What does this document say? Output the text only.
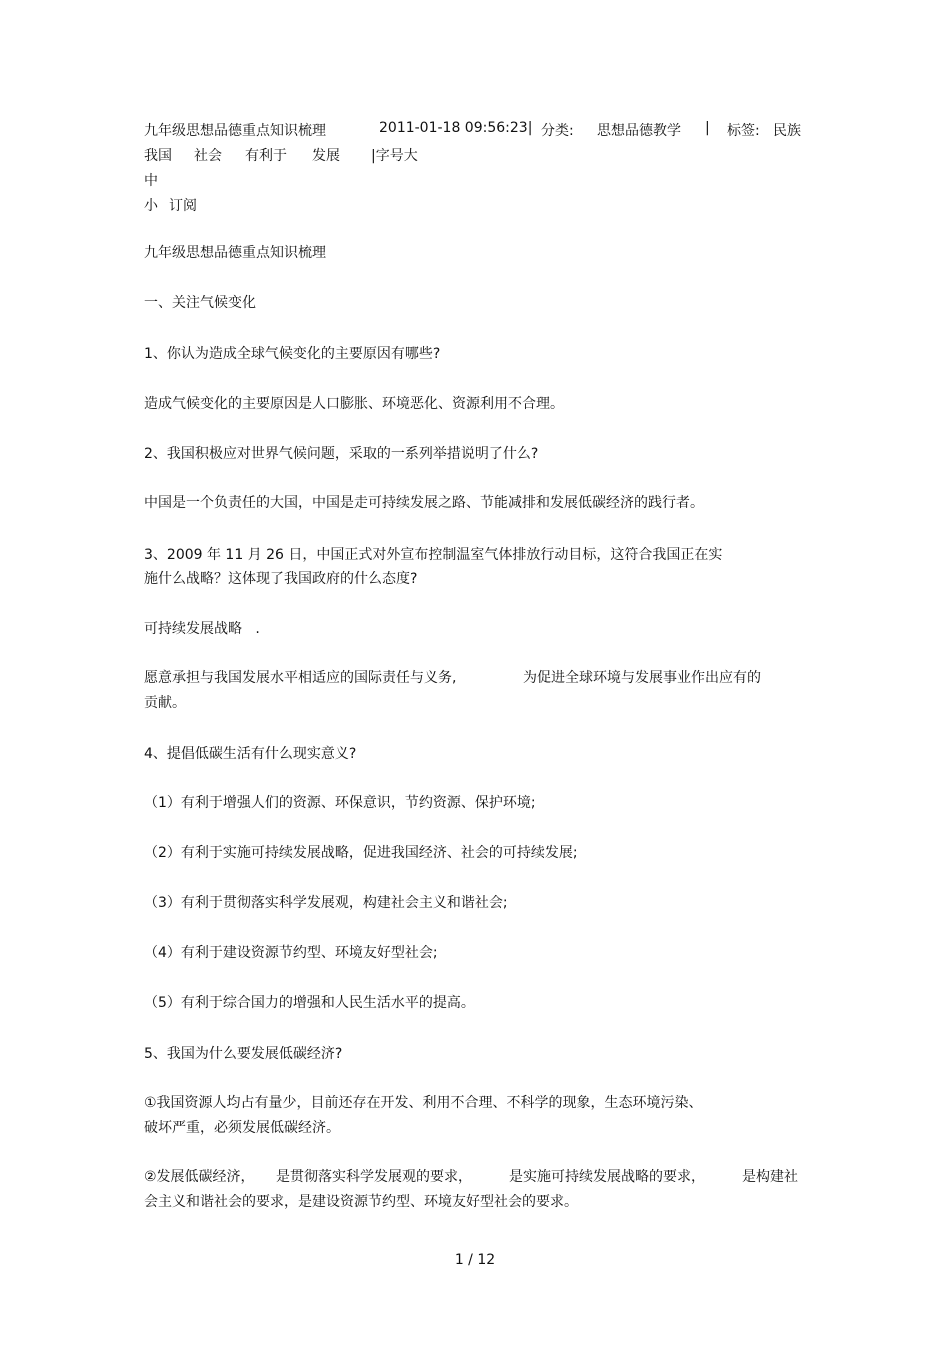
九年级思想品德重点知识梳理	2011-01-18 09:56:23| 分类: 思想品德教学 | 标签: 民族
我国 社会 有利于 发展 |字号大
中
小 订阅
九年级思想品德重点知识梳理
一、关注气候变化
1、你认为造成全球气候变化的主要原因有哪些?
造成气候变化的主要原因是人口膨胀、环境恶化、资源利用不合理。
2、我国积极应对世界气候问题，采取的一系列举措说明了什么?
中国是一个负责任的大国，中国是走可持续发展之路、节能减排和发展低碳经济的践行者。
3、2009 年 11 月 26 日，中国正式对外宣布控制温室气体排放行动目标，这符合我国正在实
施什么战略？这体现了我国政府的什么态度?
可持续发展战略   .
愿意承担与我国发展水平相适应的国际责任与义务,	为促进全球环境与发展事业作出应有的
贡献。
4、提倡低碳生活有什么现实意义?
（1）有利于增强人们的资源、环保意识，节约资源、保护环境;
（2）有利于实施可持续发展战略，促进我国经济、社会的可持续发展;
（3）有利于贯彻落实科学发展观，构建社会主义和谐社会;
（4）有利于建设资源节约型、环境友好型社会;
（5）有利于综合国力的增强和人民生活水平的提高。
5、我国为什么要发展低碳经济?
①我国资源人均占有量少，目前还存在开发、利用不合理、不科学的现象，生态环境污染、
破坏严重，必须发展低碳经济。
②发展低碳经济， 是贯彻落实科学发展观的要求，	是实施可持续发展战略的要求，	是构建社
会主义和谐社会的要求，是建设资源节约型、环境友好型社会的要求。
1 / 12
